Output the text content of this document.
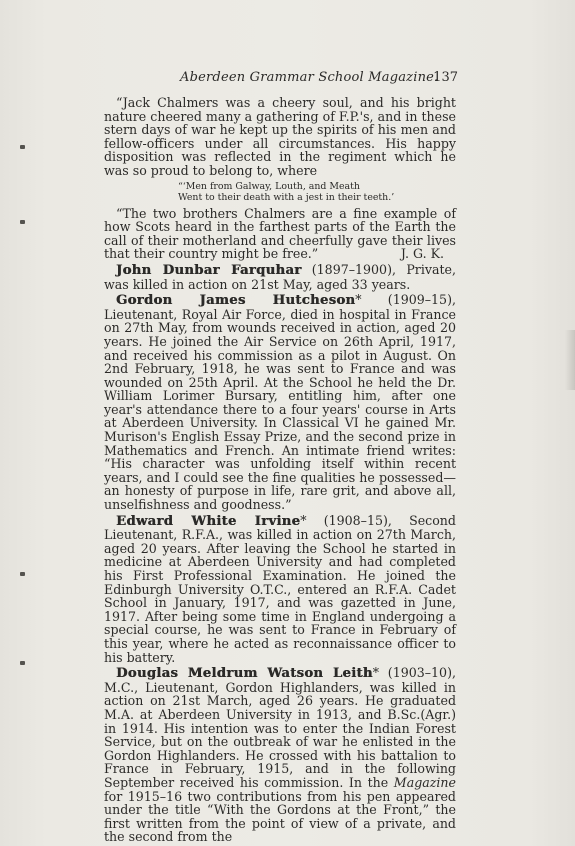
Aberdeen Grammar School Magazine.
137

“Jack Chalmers was a cheery soul, and his bright nature cheered many a gathering of F.P.'s, and in these stern days of war he kept up the spirits of his men and fellow-officers under all circumstances. His happy disposition was reflected in the regiment which he was so proud to belong to, where

“‘Men from Galway, Louth, and Meath
Went to their death with a jest in their teeth.’

“The two brothers Chalmers are a fine example of how Scots heard in the farthest parts of the Earth the call of their motherland and cheerfully gave their lives that their country might be free.”	J. G. K.

John Dunbar Farquhar (1897–1900), Private, was killed in action on 21st May, aged 33 years.

Gordon James Hutcheson* (1909–15), Lieutenant, Royal Air Force, died in hospital in France on 27th May, from wounds received in action, aged 20 years. He joined the Air Service on 26th April, 1917, and received his commission as a pilot in August. On 2nd February, 1918, he was sent to France and was wounded on 25th April. At the School he held the Dr. William Lorimer Bursary, entitling him, after one year's attendance there to a four years' course in Arts at Aberdeen University. In Classical VI he gained Mr. Murison's English Essay Prize, and the second prize in Mathematics and French. An intimate friend writes: “His character was unfolding itself within recent years, and I could see the fine qualities he possessed—an honesty of purpose in life, rare grit, and above all, unselfishness and goodness.”

Edward White Irvine* (1908–15), Second Lieutenant, R.F.A., was killed in action on 27th March, aged 20 years. After leaving the School he started in medicine at Aberdeen University and had completed his First Professional Examination. He joined the Edinburgh University O.T.C., entered an R.F.A. Cadet School in January, 1917, and was gazetted in June, 1917. After being some time in England undergoing a special course, he was sent to France in February of this year, where he acted as reconnaissance officer to his battery.

Douglas Meldrum Watson Leith* (1903–10), M.C., Lieutenant, Gordon Highlanders, was killed in action on 21st March, aged 26 years. He graduated M.A. at Aberdeen University in 1913, and B.Sc.(Agr.) in 1914. His intention was to enter the Indian Forest Service, but on the outbreak of war he enlisted in the Gordon Highlanders. He crossed with his battalion to France in February, 1915, and in the following September received his commission. In the Magazine for 1915–16 two contributions from his pen appeared under the title “With the Gordons at the Front,” the first written from the point of view of a private, and the second from the
